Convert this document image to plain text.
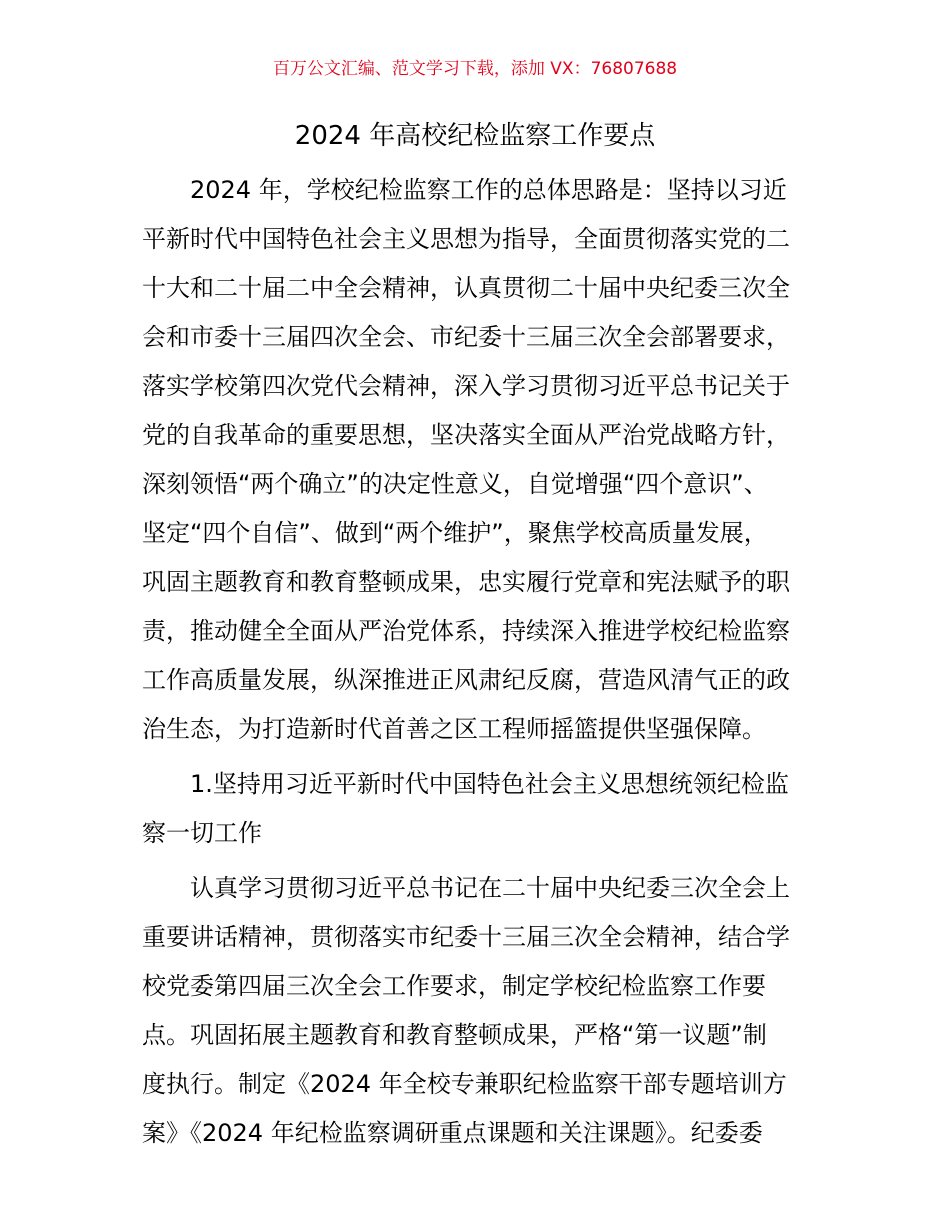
百万公文汇编、范文学习下载，添加 VX：76807688
2024 年高校纪检监察工作要点
2024 年，学校纪检监察工作的总体思路是：坚持以习近
平新时代中国特色社会主义思想为指导，全面贯彻落实党的二
十大和二十届二中全会精神，认真贯彻二十届中央纪委三次全
会和市委十三届四次全会、市纪委十三届三次全会部署要求，
落实学校第四次党代会精神，深入学习贯彻习近平总书记关于
党的自我革命的重要思想，坚决落实全面从严治党战略方针，
深刻领悟“两个确立”的决定性意义，自觉增强“四个意识”、
坚定“四个自信”、做到“两个维护”，聚焦学校高质量发展，
巩固主题教育和教育整顿成果，忠实履行党章和宪法赋予的职
责，推动健全全面从严治党体系，持续深入推进学校纪检监察
工作高质量发展，纵深推进正风肃纪反腐，营造风清气正的政
治生态，为打造新时代首善之区工程师摇篮提供坚强保障。
1.坚持用习近平新时代中国特色社会主义思想统领纪检监
察一切工作
认真学习贯彻习近平总书记在二十届中央纪委三次全会上
重要讲话精神，贯彻落实市纪委十三届三次全会精神，结合学
校党委第四届三次全会工作要求，制定学校纪检监察工作要
点。巩固拓展主题教育和教育整顿成果，严格“第一议题”制
度执行。制定《2024 年全校专兼职纪检监察干部专题培训方
案》《2024 年纪检监察调研重点课题和关注课题》。纪委委
